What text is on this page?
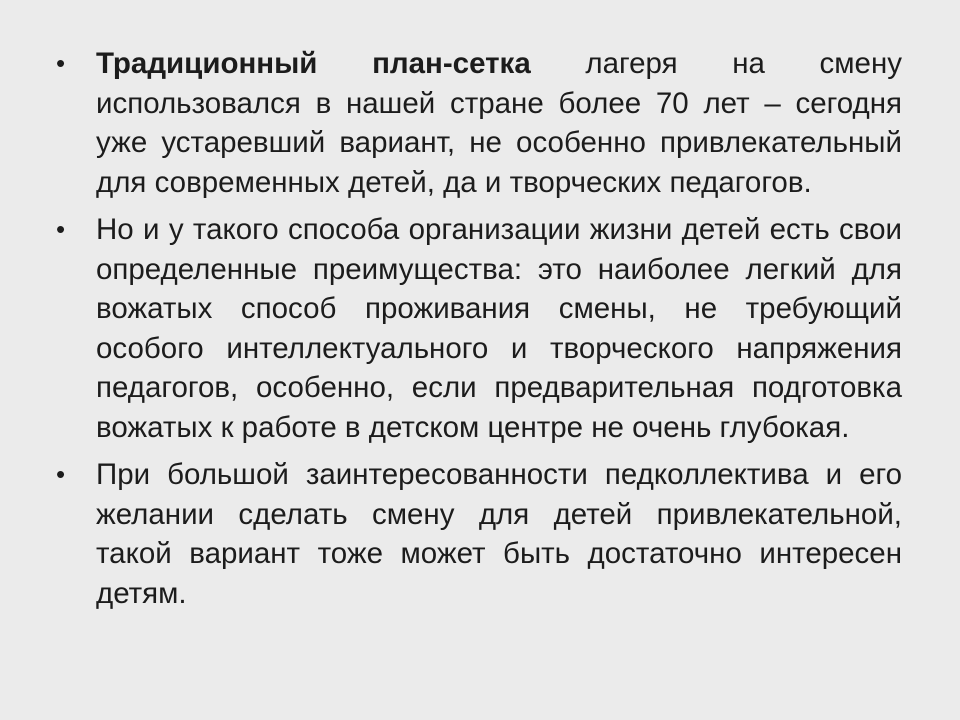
• Традиционный план-сетка лагеря на смену использовался в нашей стране более 70 лет – сегодня уже устаревший вариант, не особенно привлекательный для современных детей, да и творческих педагогов.
• Но и у такого способа организации жизни детей есть свои определенные преимущества: это наиболее легкий для вожатых способ проживания смены, не требующий особого интеллектуального и творческого напряжения педагогов, особенно, если предварительная подготовка вожатых к работе в детском центре не очень глубокая.
• При большой заинтересованности педколлектива и его желании сделать смену для детей привлекательной, такой вариант тоже может быть достаточно интересен детям.
